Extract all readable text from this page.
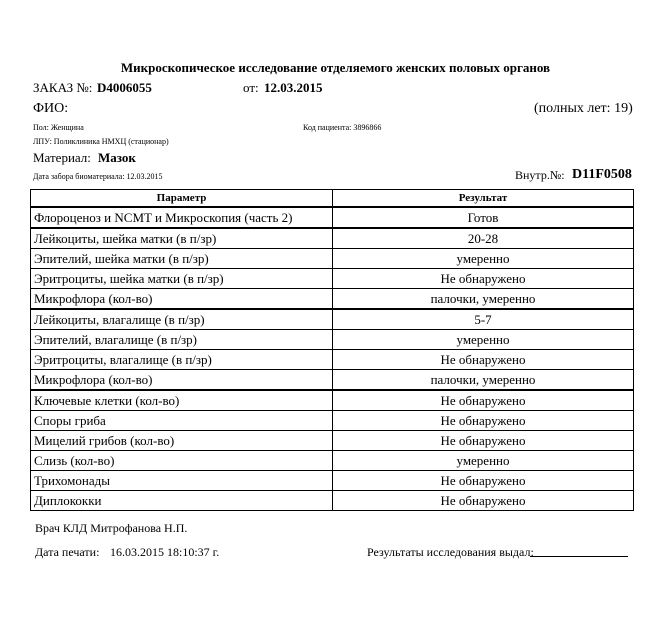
Микроскопическое исследование отделяемого женских половых органов
ЗАКАЗ №: D4006055	от: 12.03.2015
ФИО:	(полных лет: 19)
Пол: Женщина	Код пациента: 3896866
ЛПУ: Поликлиника НМХЦ (стационар)
Материал: Мазок
Дата забора биоматериала: 12.03.2015	Внутр.№: D11F0508
Параметр	Результат
Флороценоз и NCMT и Микроскопия (часть 2)	Готов
Лейкоциты, шейка матки (в п/зр)	20-28
Эпителий, шейка матки (в п/зр)	умеренно
Эритроциты, шейка матки (в п/зр)	Не обнаружено
Микрофлора (кол-во)	палочки, умеренно
Лейкоциты, влагалище (в п/зр)	5-7
Эпителий, влагалище (в п/зр)	умеренно
Эритроциты, влагалище (в п/зр)	Не обнаружено
Микрофлора (кол-во)	палочки, умеренно
Ключевые клетки (кол-во)	Не обнаружено
Споры гриба	Не обнаружено
Мицелий грибов (кол-во)	Не обнаружено
Слизь (кол-во)	умеренно
Трихомонады	Не обнаружено
Диплококки	Не обнаружено
Врач КЛД Митрофанова Н.П.
Дата печати: 16.03.2015 18:10:37 г.	Результаты исследования выдал:
